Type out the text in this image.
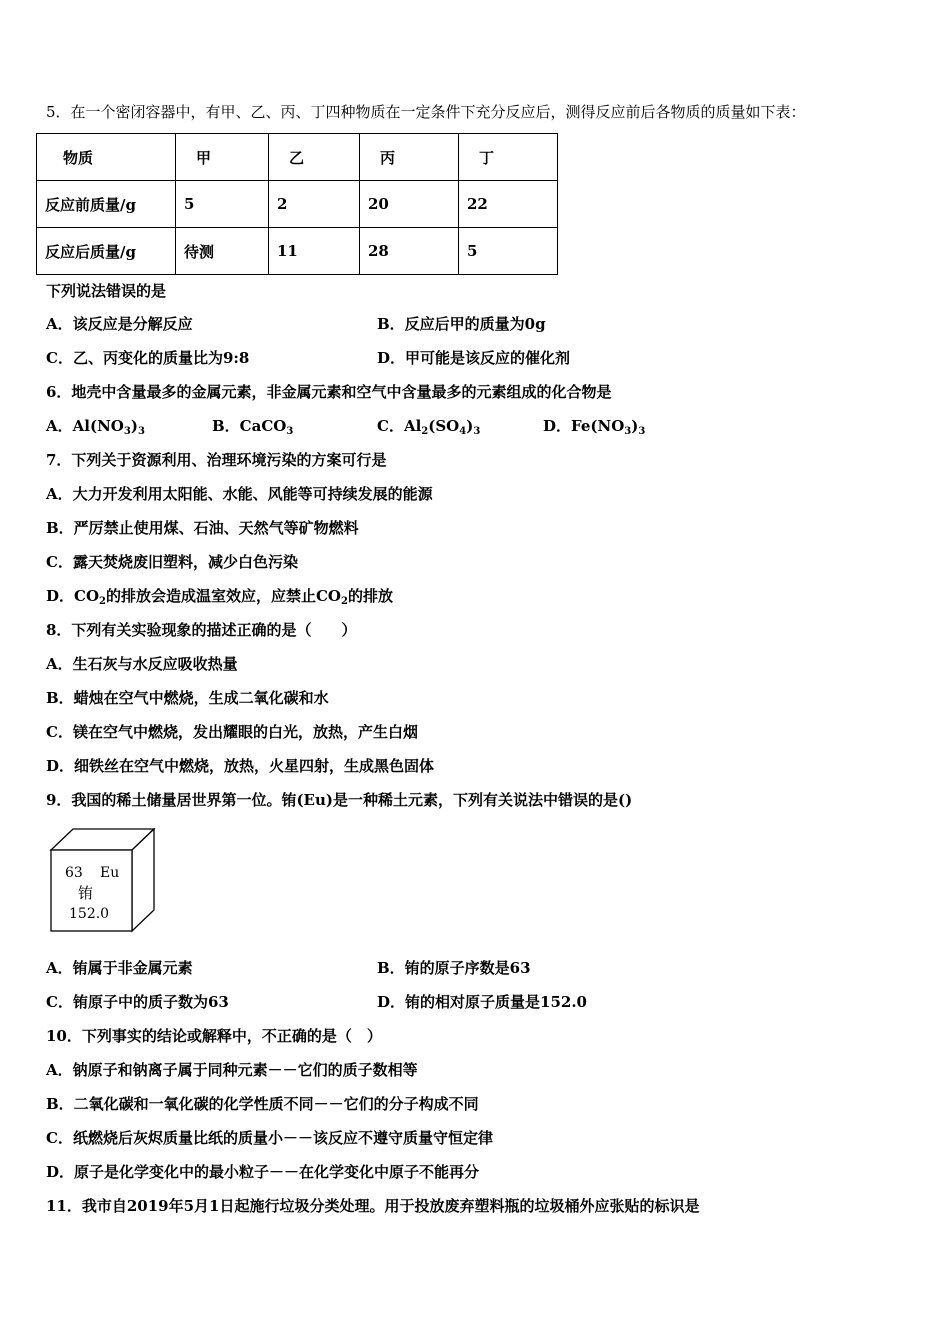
5．在一个密闭容器中，有甲、乙、丙、丁四种物质在一定条件下充分反应后，测得反应前后各物质的质量如下表：
物质	甲	乙	丙	丁
反应前质量/g	5	2	20	22
反应后质量/g	待测	11	28	5
下列说法错误的是
A．该反应是分解反应	B．反应后甲的质量为0g
C．乙、丙变化的质量比为9:8	D．甲可能是该反应的催化剂
6．地壳中含量最多的金属元素，非金属元素和空气中含量最多的元素组成的化合物是
A．$Al(NO_3)_3$	B．CaCO$_3$	C．$Al_2(SO_4)_3$	D．$Fe(NO_3)_3$
7．下列关于资源利用、治理环境污染的方案可行是
A．大力开发利用太阳能、水能、风能等可持续发展的能源
B．严厉禁止使用煤、石油、天然气等矿物燃料
C．露天焚烧废旧塑料，减少白色污染
D．$CO_2$的排放会造成温室效应，应禁止$CO_2$的排放
8．下列有关实验现象的描述正确的是（　　）
A．生石灰与水反应吸收热量
B．蜡烛在空气中燃烧，生成二氧化碳和水
C．镁在空气中燃烧，发出耀眼的白光，放热，产生白烟
D．细铁丝在空气中燃烧，放热，火星四射，生成黑色固体
9．我国的稀土储量居世界第一位。铕(Eu)是一种稀土元素，下列有关说法中错误的是()
63 Eu
铕
152.0
A．铕属于非金属元素	B．铕的原子序数是63
C．铕原子中的质子数为63	D．铕的相对原子质量是152.0
10．下列事实的结论或解释中，不正确的是（　）
A．钠原子和钠离子属于同种元素－－它们的质子数相等
B．二氧化碳和一氧化碳的化学性质不同－－它们的分子构成不同
C．纸燃烧后灰烬质量比纸的质量小－－该反应不遵守质量守恒定律
D．原子是化学变化中的最小粒子－－在化学变化中原子不能再分
11．我市自2019年5月1日起施行垃圾分类处理。用于投放废弃塑料瓶的垃圾桶外应张贴的标识是
